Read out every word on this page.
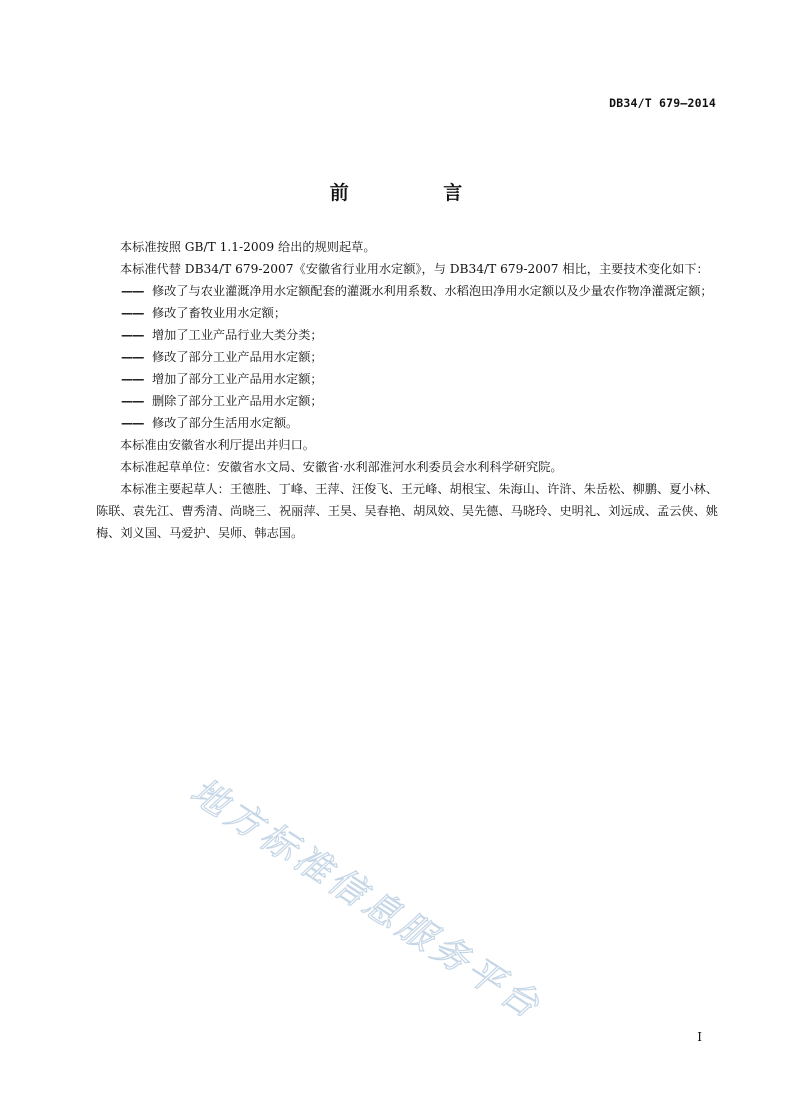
DB34/T 679—2014
前 言

本标准按照 GB/T 1.1-2009 给出的规则起草。

本标准代替 DB34/T 679-2007《安徽省行业用水定额》，与 DB34/T 679-2007 相比，主要技术变化如下：

—— 修改了与农业灌溉净用水定额配套的灌溉水利用系数、水稻泡田净用水定额以及少量农作物净灌溉定额；

—— 修改了畜牧业用水定额；

—— 增加了工业产品行业大类分类；

—— 修改了部分工业产品用水定额；

—— 增加了部分工业产品用水定额；

—— 删除了部分工业产品用水定额；

—— 修改了部分生活用水定额。

本标准由安徽省水利厅提出并归口。

本标准起草单位：安徽省水文局、安徽省·水利部淮河水利委员会水利科学研究院。

本标准主要起草人：王德胜、丁峰、王萍、汪俊飞、王元峰、胡根宝、朱海山、许浒、朱岳松、柳鹏、夏小林、陈联、袁先江、曹秀清、尚晓三、祝丽萍、王昊、吴春艳、胡凤姣、吴先德、马晓玲、史明礼、刘远成、孟云侠、姚梅、刘义国、马爱护、吴师、韩志国。

地方标准信息服务平台
I
